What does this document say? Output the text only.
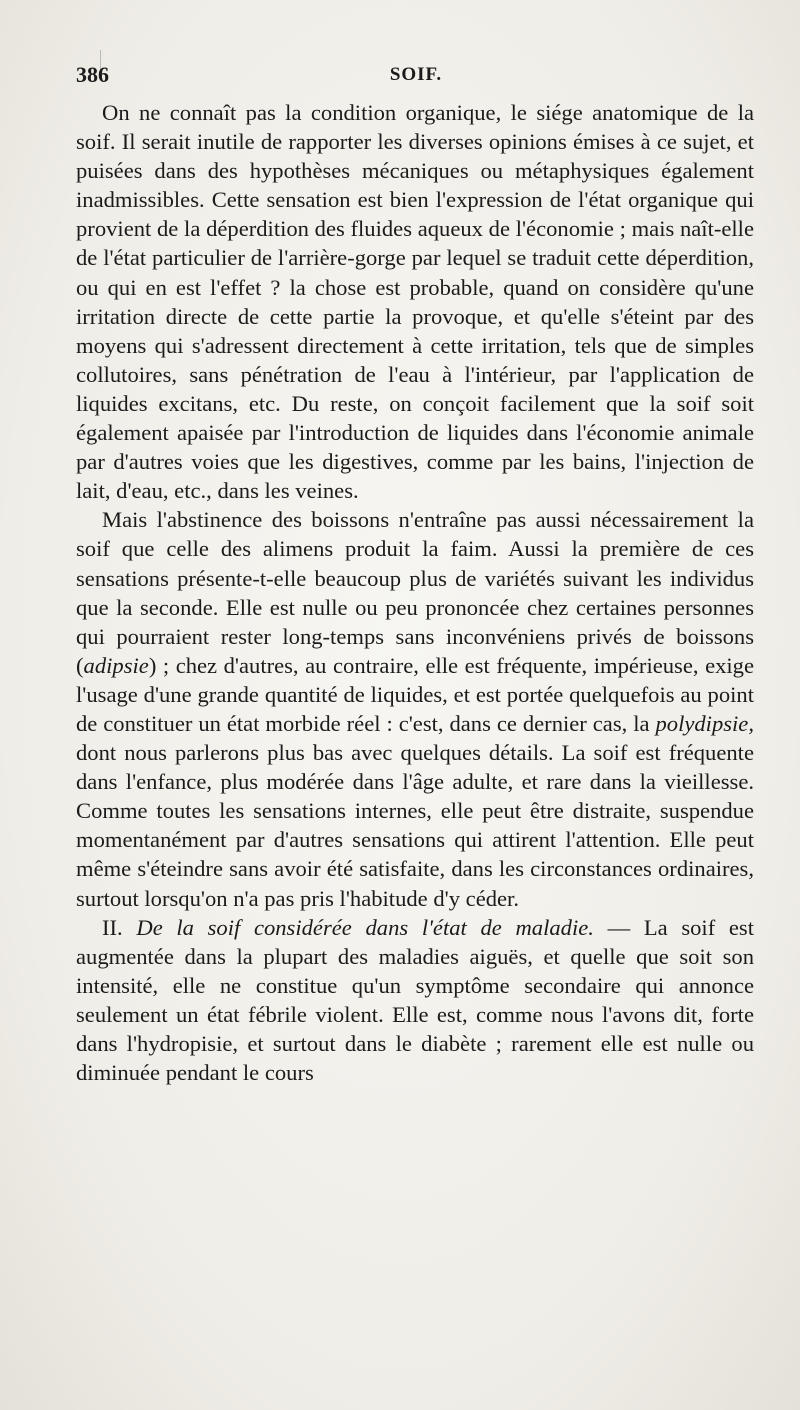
386	SOIF.

On ne connaît pas la condition organique, le siége anatomique de la soif. Il serait inutile de rapporter les diverses opinions émises à ce sujet, et puisées dans des hypothèses mécaniques ou métaphysiques également inadmissibles. Cette sensation est bien l'expression de l'état organique qui provient de la déperdition des fluides aqueux de l'économie ; mais naît-elle de l'état particulier de l'arrière-gorge par lequel se traduit cette déperdition, ou qui en est l'effet ? la chose est probable, quand on considère qu'une irritation directe de cette partie la provoque, et qu'elle s'éteint par des moyens qui s'adressent directement à cette irritation, tels que de simples collutoires, sans pénétration de l'eau à l'intérieur, par l'application de liquides excitans, etc. Du reste, on conçoit facilement que la soif soit également apaisée par l'introduction de liquides dans l'économie animale par d'autres voies que les digestives, comme par les bains, l'injection de lait, d'eau, etc., dans les veines.

Mais l'abstinence des boissons n'entraîne pas aussi nécessairement la soif que celle des alimens produit la faim. Aussi la première de ces sensations présente-t-elle beaucoup plus de variétés suivant les individus que la seconde. Elle est nulle ou peu prononcée chez certaines personnes qui pourraient rester long-temps sans inconvéniens privés de boissons (adipsie) ; chez d'autres, au contraire, elle est fréquente, impérieuse, exige l'usage d'une grande quantité de liquides, et est portée quelquefois au point de constituer un état morbide réel : c'est, dans ce dernier cas, la polydipsie, dont nous parlerons plus bas avec quelques détails. La soif est fréquente dans l'enfance, plus modérée dans l'âge adulte, et rare dans la vieillesse. Comme toutes les sensations internes, elle peut être distraite, suspendue momentanément par d'autres sensations qui attirent l'attention. Elle peut même s'éteindre sans avoir été satisfaite, dans les circonstances ordinaires, surtout lorsqu'on n'a pas pris l'habitude d'y céder.

II. De la soif considérée dans l'état de maladie. — La soif est augmentée dans la plupart des maladies aiguës, et quelle que soit son intensité, elle ne constitue qu'un symptôme secondaire qui annonce seulement un état fébrile violent. Elle est, comme nous l'avons dit, forte dans l'hydropisie, et surtout dans le diabète ; rarement elle est nulle ou diminuée pendant le cours
